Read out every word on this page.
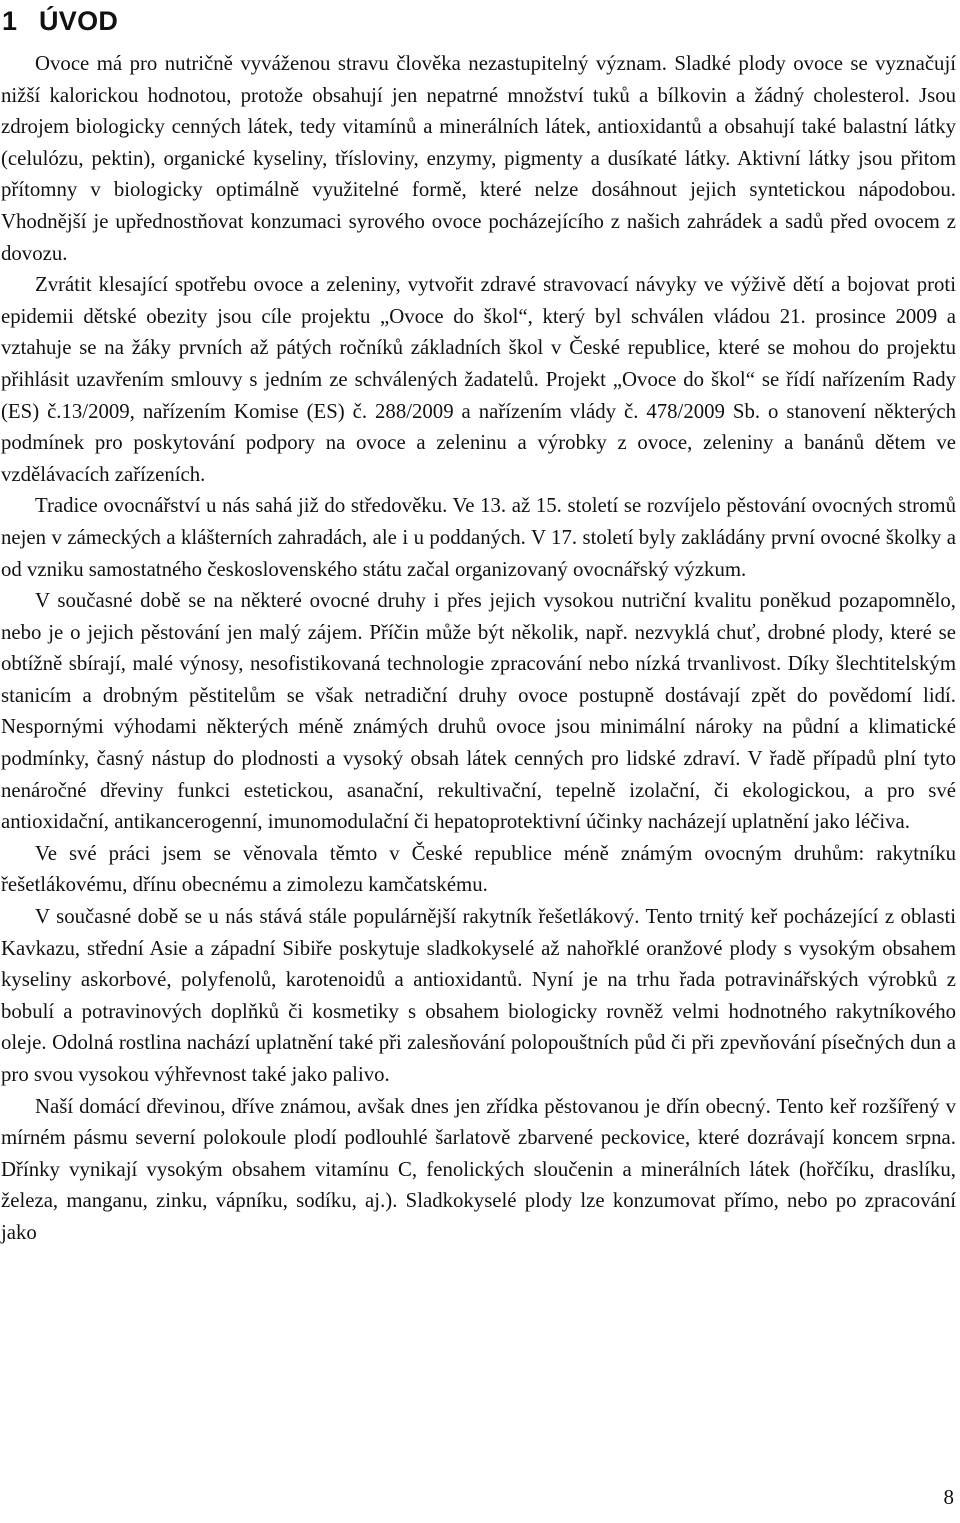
1 ÚVOD

Ovoce má pro nutričně vyváženou stravu člověka nezastupitelný význam. Sladké plody ovoce se vyznačují nižší kalorickou hodnotou, protože obsahují jen nepatrné množství tuků a bílkovin a žádný cholesterol. Jsou zdrojem biologicky cenných látek, tedy vitamínů a minerálních látek, antioxidantů a obsahují také balastní látky (celulózu, pektin), organické kyseliny, třísloviny, enzymy, pigmenty a dusíkaté látky. Aktivní látky jsou přitom přítomny v biologicky optimálně využitelné formě, které nelze dosáhnout jejich syntetickou nápodobou. Vhodnější je upřednostňovat konzumaci syrového ovoce pocházejícího z našich zahrádek a sadů před ovocem z dovozu.

Zvrátit klesající spotřebu ovoce a zeleniny, vytvořit zdravé stravovací návyky ve výživě dětí a bojovat proti epidemii dětské obezity jsou cíle projektu „Ovoce do škol“, který byl schválen vládou 21. prosince 2009 a vztahuje se na žáky prvních až pátých ročníků základních škol v České republice, které se mohou do projektu přihlásit uzavřením smlouvy s jedním ze schválených žadatelů. Projekt „Ovoce do škol“ se řídí nařízením Rady (ES) č.13/2009, nařízením Komise (ES) č. 288/2009 a nařízením vlády č. 478/2009 Sb. o stanovení některých podmínek pro poskytování podpory na ovoce a zeleninu a výrobky z ovoce, zeleniny a banánů dětem ve vzdělávacích zařízeních.

Tradice ovocnářství u nás sahá již do středověku. Ve 13. až 15. století se rozvíjelo pěstování ovocných stromů nejen v zámeckých a klášterních zahradách, ale i u poddaných. V 17. století byly zakládány první ovocné školky a od vzniku samostatného československého státu začal organizovaný ovocnářský výzkum.

V současné době se na některé ovocné druhy i přes jejich vysokou nutriční kvalitu poněkud pozapomnělo, nebo je o jejich pěstování jen malý zájem. Příčin může být několik, např. nezvyklá chuť, drobné plody, které se obtížně sbírají, malé výnosy, nesofistikovaná technologie zpracování nebo nízká trvanlivost. Díky šlechtitelským stanicím a drobným pěstitelům se však netradiční druhy ovoce postupně dostávají zpět do povědomí lidí. Nespornými výhodami některých méně známých druhů ovoce jsou minimální nároky na půdní a klimatické podmínky, časný nástup do plodnosti a vysoký obsah látek cenných pro lidské zdraví. V řadě případů plní tyto nenáročné dřeviny funkci estetickou, asanační, rekultivační, tepelně izolační, či ekologickou, a pro své antioxidační, antikancerogenní, imunomodulační či hepatoprotektivní účinky nacházejí uplatnění jako léčiva.

Ve své práci jsem se věnovala těmto v České republice méně známým ovocným druhům: rakytníku řešetlákovému, dřínu obecnému a zimolezu kamčatskému.

V současné době se u nás stává stále populárnější rakytník řešetlákový. Tento trnitý keř pocházející z oblasti Kavkazu, střední Asie a západní Sibiře poskytuje sladkokyselé až nahořklé oranžové plody s vysokým obsahem kyseliny askorbové, polyfenolů, karotenoidů a antioxidantů. Nyní je na trhu řada potravinářských výrobků z bobulí a potravinových doplňků či kosmetiky s obsahem biologicky rovněž velmi hodnotného rakytníkového oleje. Odolná rostlina nachází uplatnění také při zalesňování polopouštních půd či při zpevňování písečných dun a pro svou vysokou výhřevnost také jako palivo.

Naší domácí dřevinou, dříve známou, avšak dnes jen zřídka pěstovanou je dřín obecný. Tento keř rozšířený v mírném pásmu severní polokoule plodí podlouhlé šarlatově zbarvené peckovice, které dozrávají koncem srpna. Dřínky vynikají vysokým obsahem vitamínu C, fenolických sloučenin a minerálních látek (hořčíku, draslíku, železa, manganu, zinku, vápníku, sodíku, aj.). Sladkokyselé plody lze konzumovat přímo, nebo po zpracování jako

8
